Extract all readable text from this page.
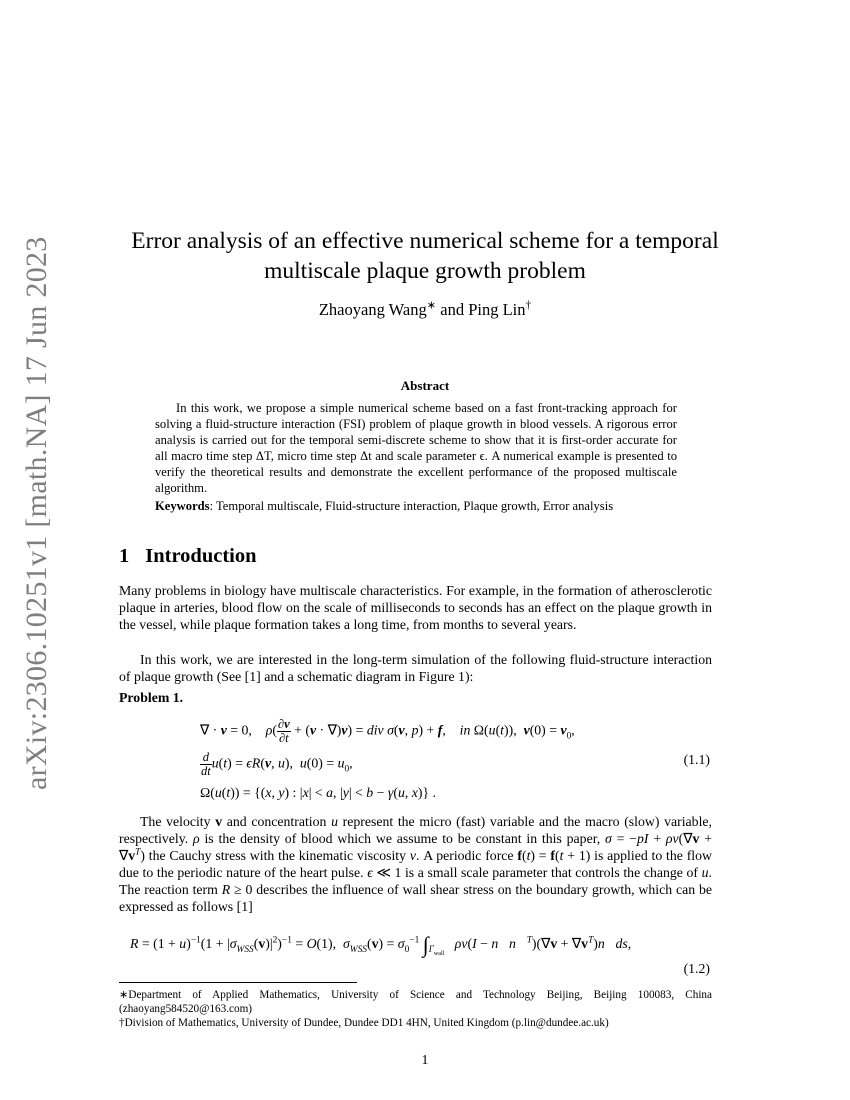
arXiv:2306.10251v1 [math.NA] 17 Jun 2023	Error analysis of an effective numerical scheme for a temporal
multiscale plaque growth problem
Zhaoyang Wang∗ and Ping Lin†
Abstract
In this work, we propose a simple numerical scheme based on a fast front-tracking approach for solving a fluid-structure interaction (FSI) problem of plaque growth in blood vessels. A rigorous error analysis is carried out for the temporal semi-discrete scheme to show that it is first-order accurate for all macro time step ΔT, micro time step Δt and scale parameter ϵ. A numerical example is presented to verify the theoretical results and demonstrate the excellent performance of the proposed multiscale algorithm.
Keywords: Temporal multiscale, Fluid-structure interaction, Plaque growth, Error analysis
1 Introduction
Many problems in biology have multiscale characteristics. For example, in the formation of atherosclerotic plaque in arteries, blood flow on the scale of milliseconds to seconds has an effect on the plaque growth in the vessel, while plaque formation takes a long time, from months to several years.
In this work, we are interested in the long-term simulation of the following fluid-structure interaction of plaque growth (See [1] and a schematic diagram in Figure 1):
Problem 1.
∇ · v = 0,    $\rho( \frac{\partial v}{\partial t} + (v \cdot \nabla)v)$ = div σ(v, p) + f,    in Ω(u(t)),  $v(0) = v_0$,
$\frac{d}{dt} u(t) = \epsilon R(v$, u),  $u(0) = u_0$,
Ω(u(t)) = {(x, y) : |x| < a, |y| < b − γ(u, x)} .
(1.1)
The velocity v and concentration u represent the micro (fast) variable and the macro (slow) variable, respectively. ρ is the density of blood which we assume to be constant in this paper, $\sigma = -pI + \rho\nu(\nabla v + \nabla v^T)$ the Cauchy stress with the kinematic viscosity ν. A periodic force f(t) = f(t + 1) is applied to the flow due to the periodic nature of the heart pulse. ϵ ≪ 1 is a small scale parameter that controls the change of u. The reaction term R ≥ 0 describes the influence of wall shear stress on the boundary growth, which can be expressed as follows [1]
$R = (1 + u)^{-1}(1 + |\sigma_{WSS}(v)|^2)^{-1} = O(1)$,  $\sigma_{WSS}(v) = \sigma_0^{-1}$ $\int_{\Gamma_{wall}}$   ρν(I − n⃗n⃗$^T$)(∇v + $\nabla v^T)n⃗ds$,
(1.2)
∗Department of Applied Mathematics, University of Science and Technology Beijing, Beijing 100083, China (zhaoyang584520@163.com)
†Division of Mathematics, University of Dundee, Dundee DD1 4HN, United Kingdom (p.lin@dundee.ac.uk)
1
